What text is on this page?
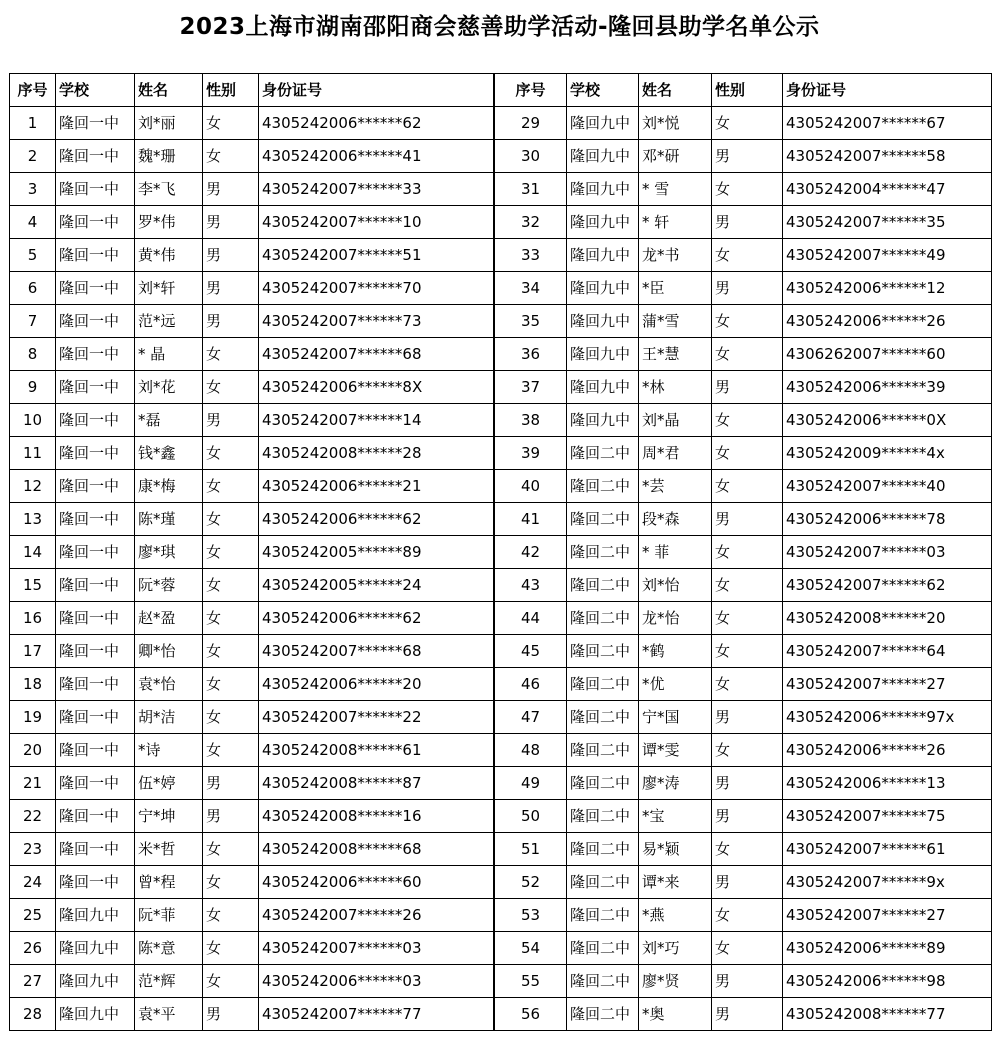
2023上海市湖南邵阳商会慈善助学活动-隆回县助学名单公示
序号	学校	姓名	性别	身份证号
1	隆回一中	刘*丽	女	4305242006******62
2	隆回一中	魏*珊	女	4305242006******41
3	隆回一中	李*飞	男	4305242007******33
4	隆回一中	罗*伟	男	4305242007******10
5	隆回一中	黄*伟	男	4305242007******51
6	隆回一中	刘*轩	男	4305242007******70
7	隆回一中	范*远	男	4305242007******73
8	隆回一中	* 晶	女	4305242007******68
9	隆回一中	刘*花	女	4305242006******8X
10	隆回一中	*磊	男	4305242007******14
11	隆回一中	钱*鑫	女	4305242008******28
12	隆回一中	康*梅	女	4305242006******21
13	隆回一中	陈*瑾	女	4305242006******62
14	隆回一中	廖*琪	女	4305242005******89
15	隆回一中	阮*蓉	女	4305242005******24
16	隆回一中	赵*盈	女	4305242006******62
17	隆回一中	卿*怡	女	4305242007******68
18	隆回一中	袁*怡	女	4305242006******20
19	隆回一中	胡*洁	女	4305242007******22
20	隆回一中	*诗	女	4305242008******61
21	隆回一中	伍*婷	男	4305242008******87
22	隆回一中	宁*坤	男	4305242008******16
23	隆回一中	米*哲	女	4305242008******68
24	隆回一中	曾*程	女	4305242006******60
25	隆回九中	阮*菲	女	4305242007******26
26	隆回九中	陈*意	女	4305242007******03
27	隆回九中	范*辉	女	4305242006******03
28	隆回九中	袁*平	男	4305242007******77
序号	学校	姓名	性别	身份证号
29	隆回九中	刘*悦	女	4305242007******67
30	隆回九中	邓*研	男	4305242007******58
31	隆回九中	* 雪	女	4305242004******47
32	隆回九中	* 轩	男	4305242007******35
33	隆回九中	龙*书	女	4305242007******49
34	隆回九中	*臣	男	4305242006******12
35	隆回九中	蒲*雪	女	4305242006******26
36	隆回九中	王*慧	女	4306262007******60
37	隆回九中	*林	男	4305242006******39
38	隆回九中	刘*晶	女	4305242006******0X
39	隆回二中	周*君	女	4305242009******4x
40	隆回二中	*芸	女	4305242007******40
41	隆回二中	段*森	男	4305242006******78
42	隆回二中	* 菲	女	4305242007******03
43	隆回二中	刘*怡	女	4305242007******62
44	隆回二中	龙*怡	女	4305242008******20
45	隆回二中	*鹤	女	4305242007******64
46	隆回二中	*优	女	4305242007******27
47	隆回二中	宁*国	男	4305242006******97x
48	隆回二中	谭*雯	女	4305242006******26
49	隆回二中	廖*涛	男	4305242006******13
50	隆回二中	*宝	男	4305242007******75
51	隆回二中	易*颖	女	4305242007******61
52	隆回二中	谭*来	男	4305242007******9x
53	隆回二中	*燕	女	4305242007******27
54	隆回二中	刘*巧	女	4305242006******89
55	隆回二中	廖*贤	男	4305242006******98
56	隆回二中	*奥	男	4305242008******77
